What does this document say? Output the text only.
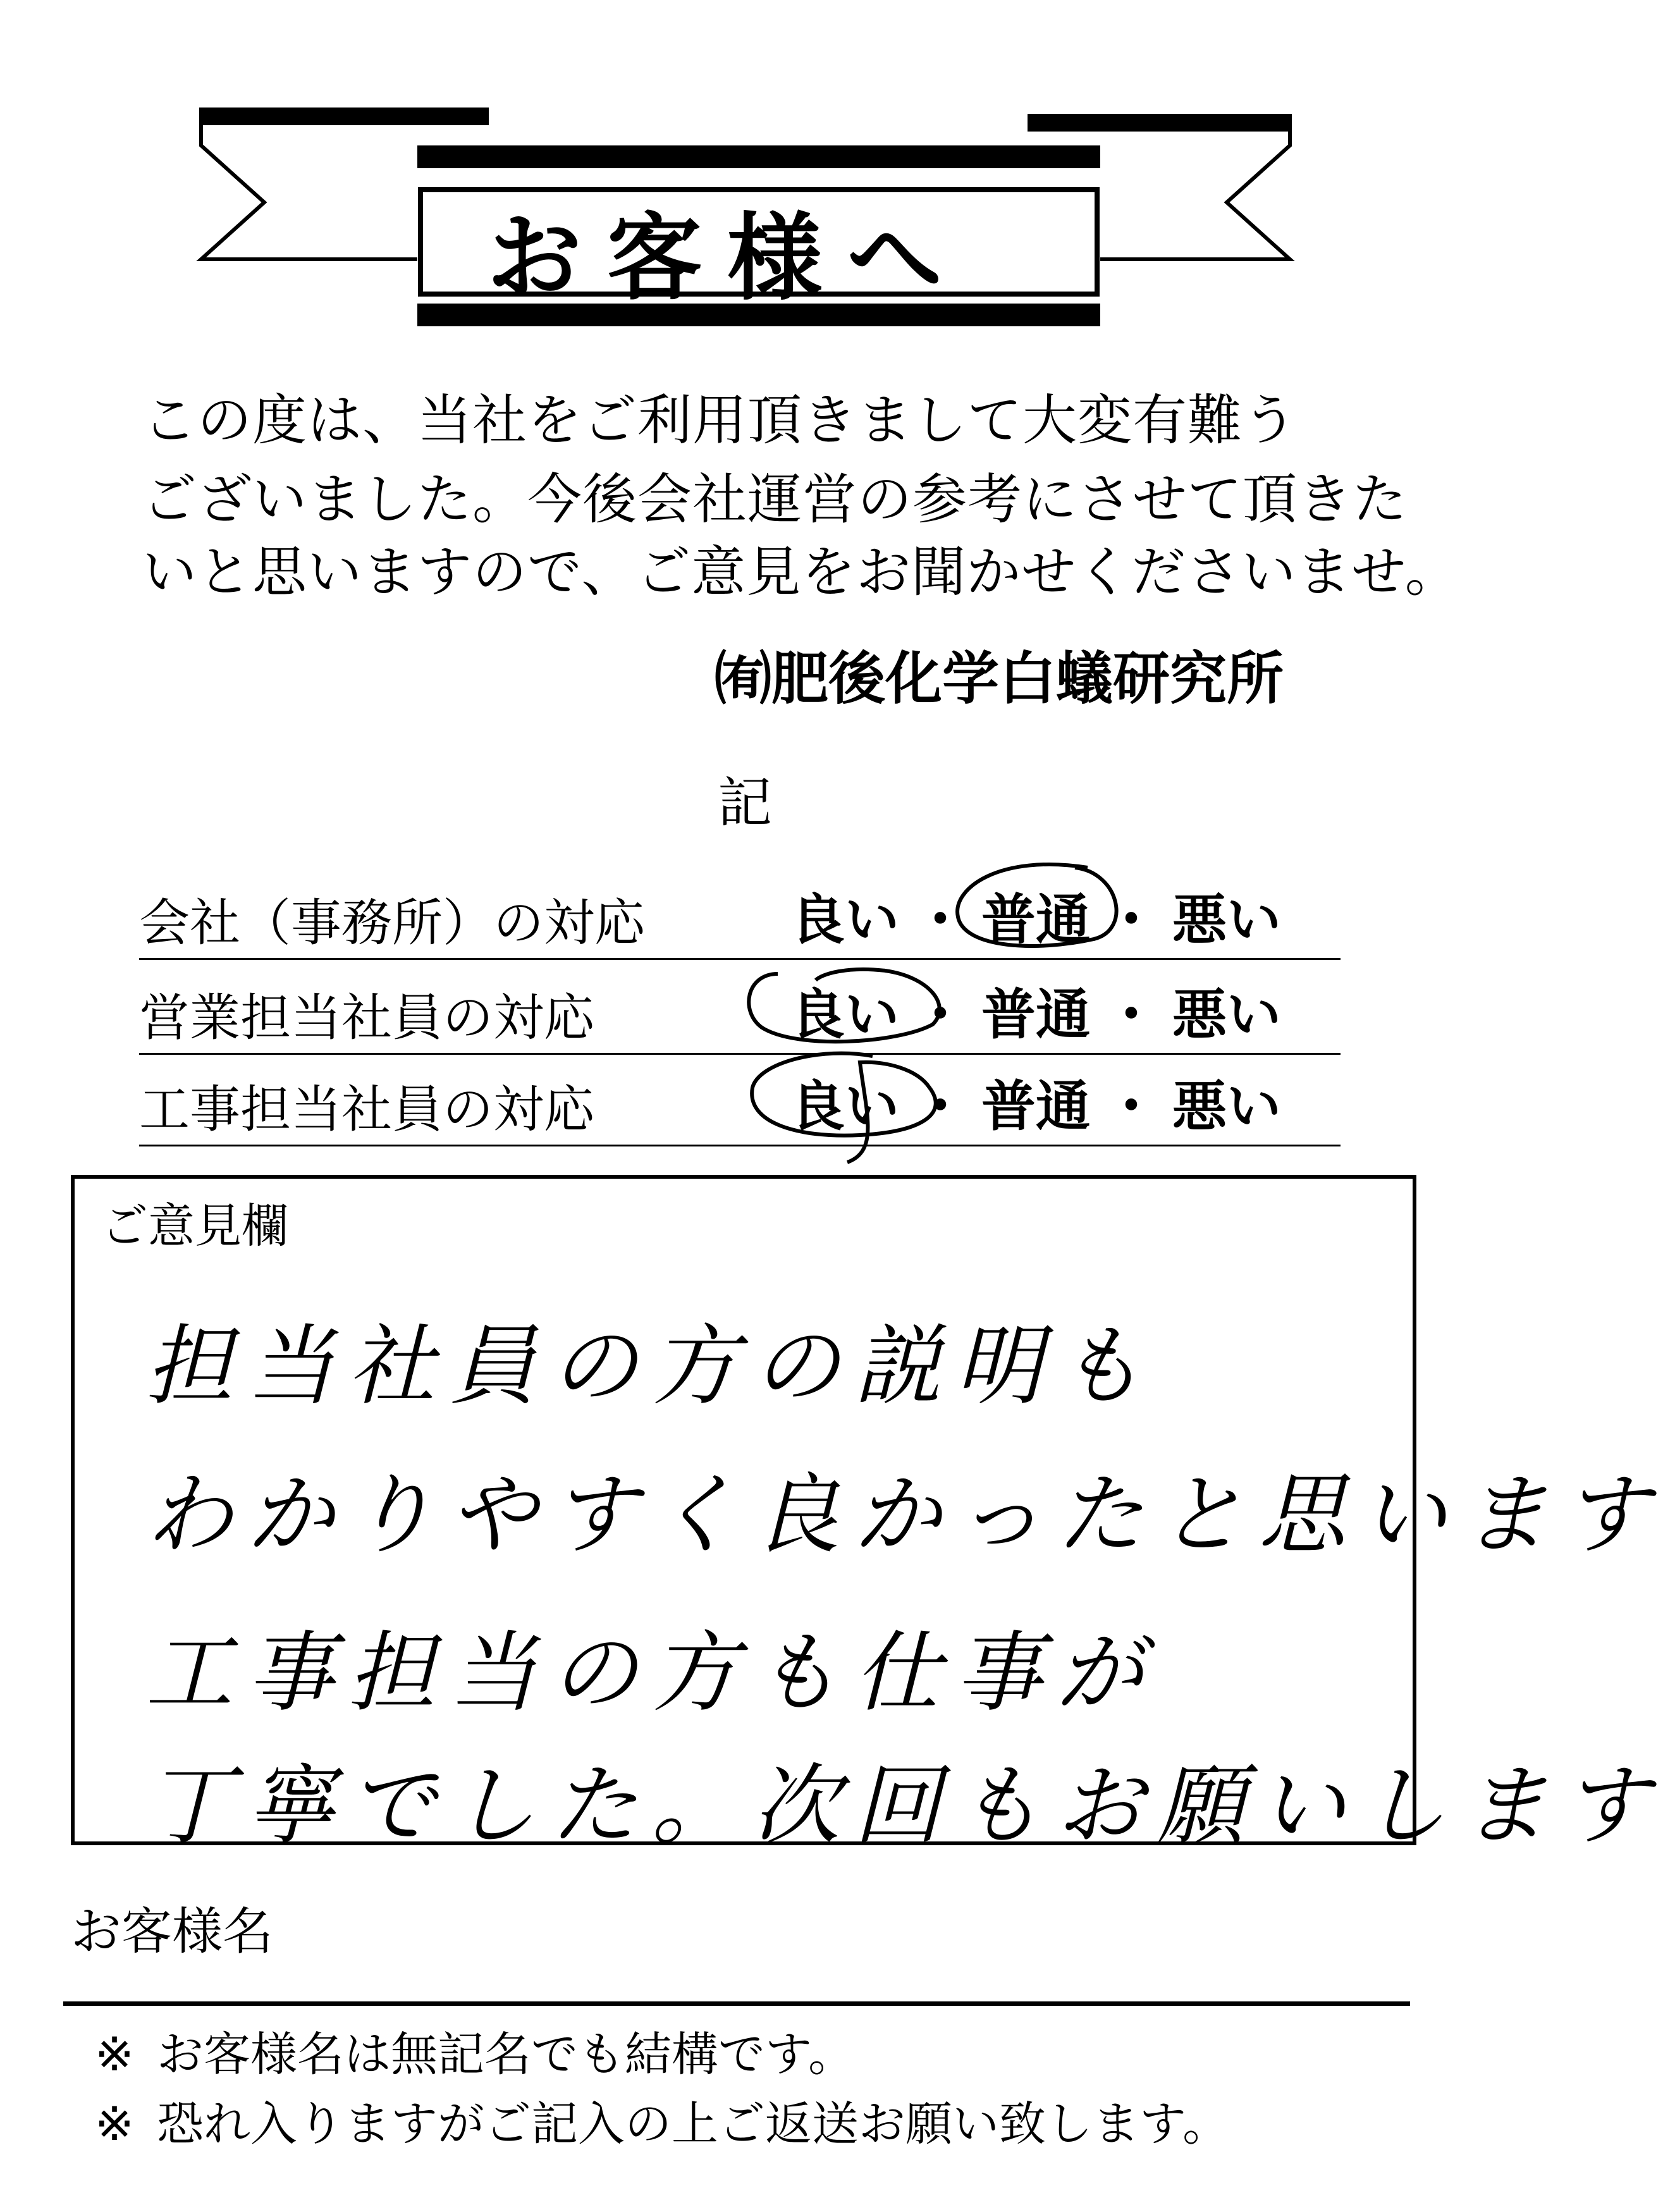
お客様へ
この度は、当社をご利用頂きまして大変有難う
ございました。今後会社運営の参考にさせて頂きた
いと思いますので、ご意見をお聞かせくださいませ。
㈲肥後化学白蟻研究所
記
会社（事務所）の対応	良い ・ 普通 ・ 悪い
営業担当社員の対応	良い ・ 普通 ・ 悪い
工事担当社員の対応	良い ・ 普通 ・ 悪い
ご意見欄
担当社員の方の説明も
わかりやすく良かったと思います
工事担当の方も仕事が
丁寧でした。次回もお願いします
お客様名
※ お客様名は無記名でも結構です。
※ 恐れ入りますがご記入の上ご返送お願い致します。
